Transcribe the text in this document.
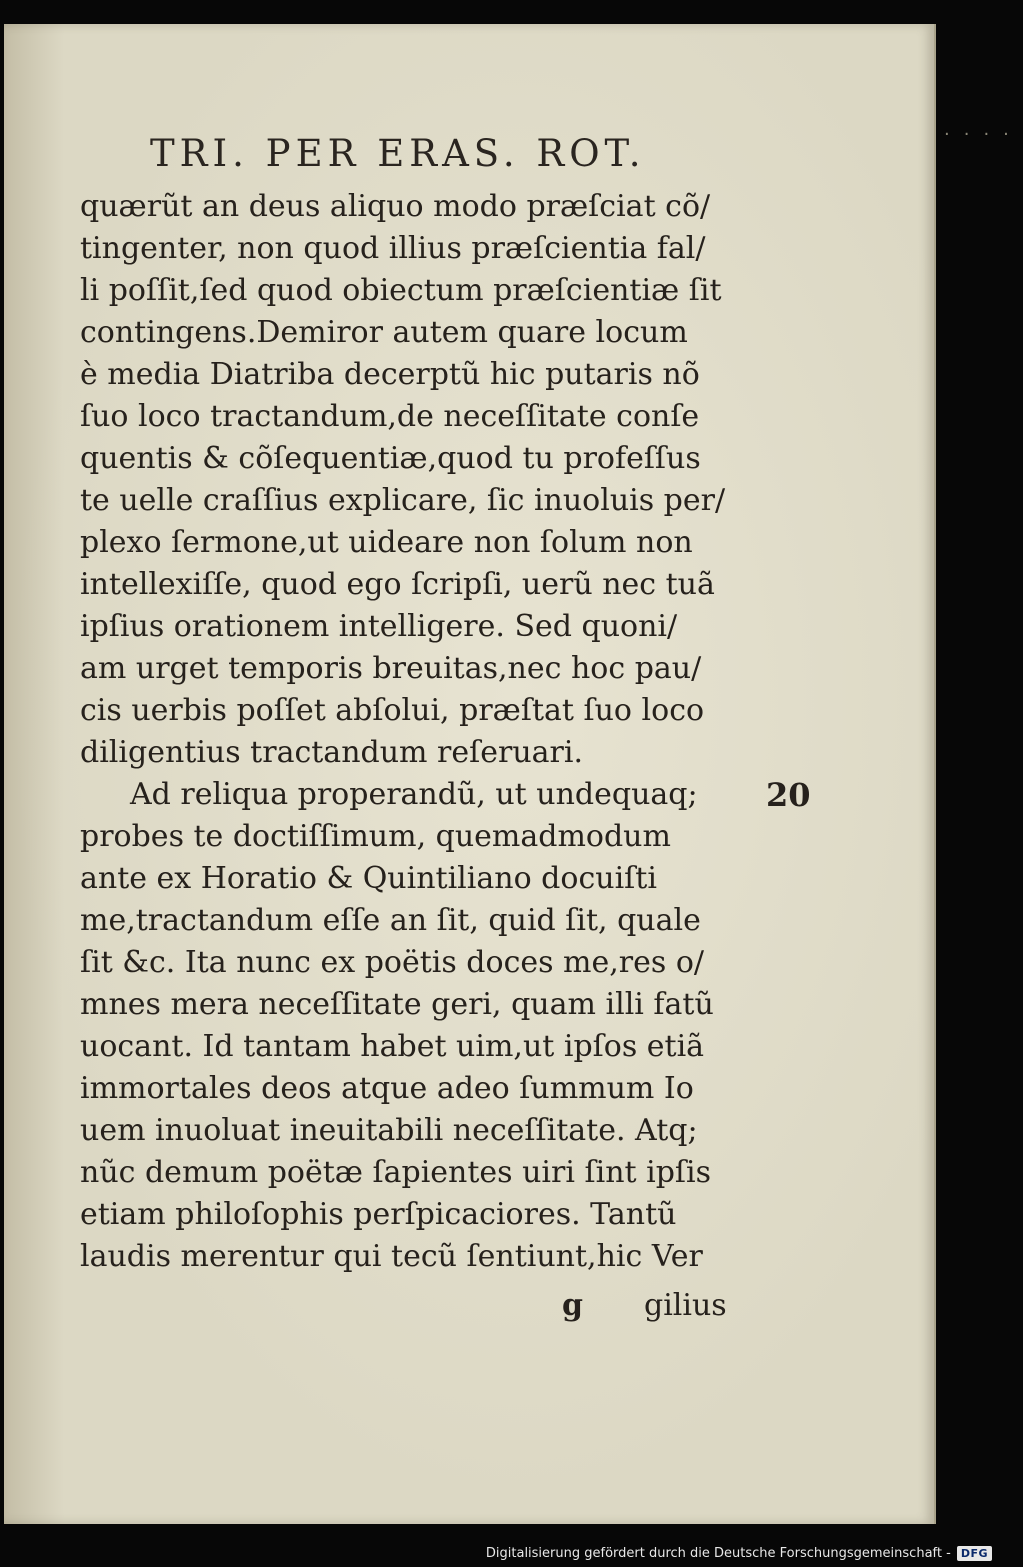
TRI. PER ERAS. ROT.
quærũt an deus aliquo modo præſciat cõ/
tingenter, non quod illius præſcientia fal/
li poſſit,ſed quod obiectum præſcientiæ ſit
contingens.Demiror autem quare locum
è media Diatriba decerptũ hic putaris nõ
ſuo loco tractandum,de neceſſitate conſe
quentis & cõſequentiæ,quod tu profeſſus
te uelle craſſius explicare, ſic inuoluis per/
plexo ſermone,ut uideare non ſolum non
intellexiſſe, quod ego ſcripſi, uerũ nec tuã
ipſius orationem intelligere. Sed quoni/
am urget temporis breuitas,nec hoc pau/
cis uerbis poſſet abſolui, præſtat ſuo loco
diligentius tractandum reſeruari.
Ad reliqua properandũ, ut undequaq;
probes te doctiſſimum, quemadmodum
ante ex Horatio & Quintiliano docuiſti
me,tractandum eſſe an ſit, quid ſit, quale
ſit &c. Ita nunc ex poëtis doces me,res o/
mnes mera neceſſitate geri, quam illi fatũ
uocant. Id tantam habet uim,ut ipſos etiã
immortales deos atque adeo ſummum Io
uem inuoluat ineuitabili neceſſitate. Atq;
nũc demum poëtæ ſapientes uiri ſint ipſis
etiam philoſophis perſpicaciores. Tantũ
laudis merentur qui tecũ ſentiunt,hic Ver
20
g gilius
····
Digitalisierung gefördert durch die Deutsche Forschungsgemeinschaft - DFG
